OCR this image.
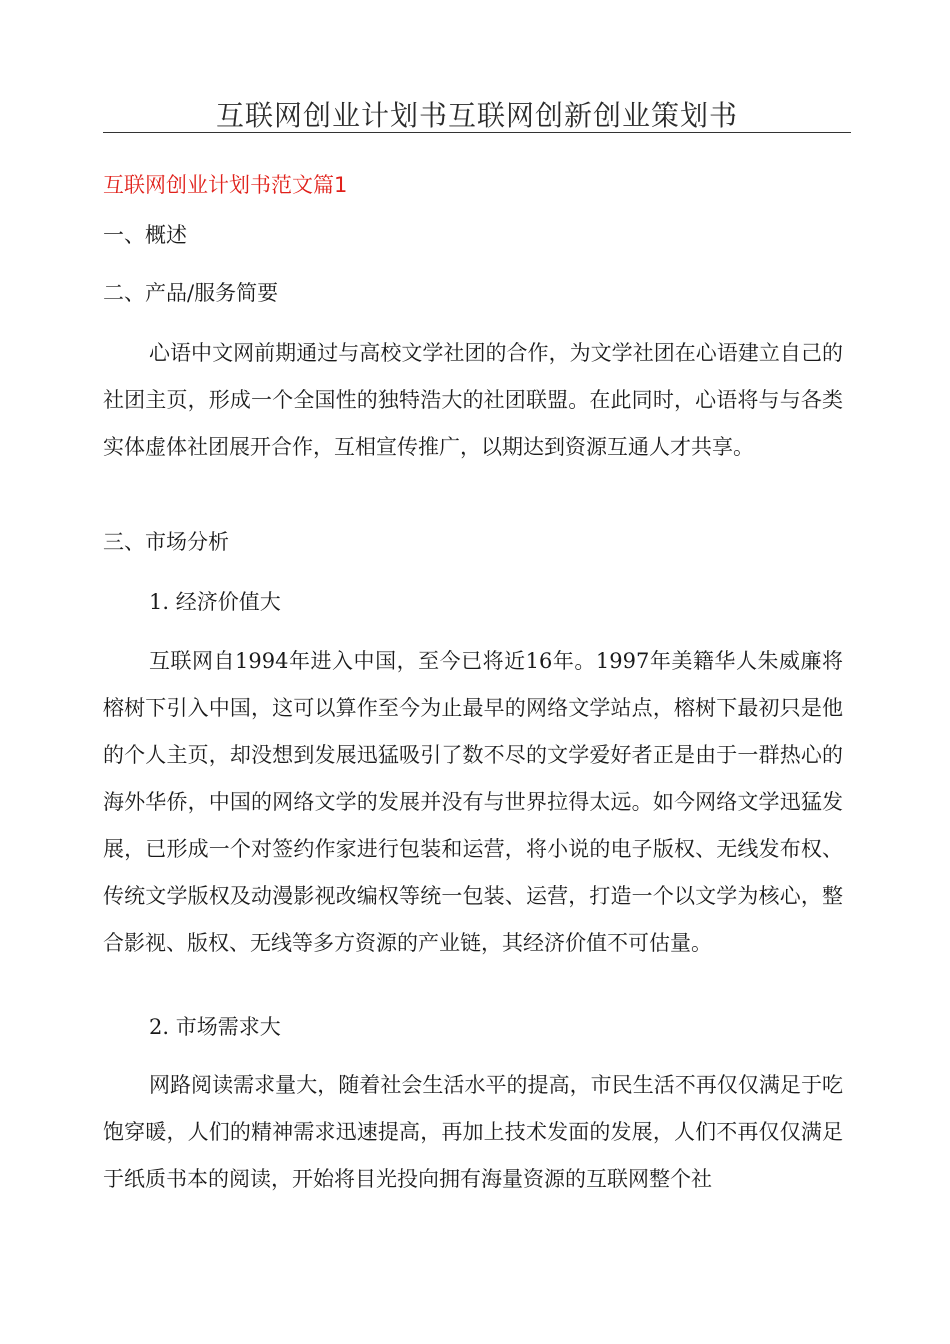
互联网创业计划书互联网创新创业策划书
互联网创业计划书范文篇1
一、概述
二、产品/服务简要
心语中文网前期通过与高校文学社团的合作，为文学社团在心语建立自己的社团主页，形成一个全国性的独特浩大的社团联盟。在此同时，心语将与与各类实体虚体社团展开合作，互相宣传推广，以期达到资源互通人才共享。
三、市场分析
1. 经济价值大
互联网自1994年进入中国，至今已将近16年。1997年美籍华人朱威廉将榕树下引入中国，这可以算作至今为止最早的网络文学站点，榕树下最初只是他的个人主页，却没想到发展迅猛吸引了数不尽的文学爱好者正是由于一群热心的海外华侨，中国的网络文学的发展并没有与世界拉得太远。如今网络文学迅猛发展，已形成一个对签约作家进行包装和运营，将小说的电子版权、无线发布权、传统文学版权及动漫影视改编权等统一包装、运营，打造一个以文学为核心，整合影视、版权、无线等多方资源的产业链，其经济价值不可估量。
2. 市场需求大
网路阅读需求量大，随着社会生活水平的提高，市民生活不再仅仅满足于吃饱穿暖，人们的精神需求迅速提高，再加上技术发面的发展，人们不再仅仅满足于纸质书本的阅读，开始将目光投向拥有海量资源的互联网整个社
